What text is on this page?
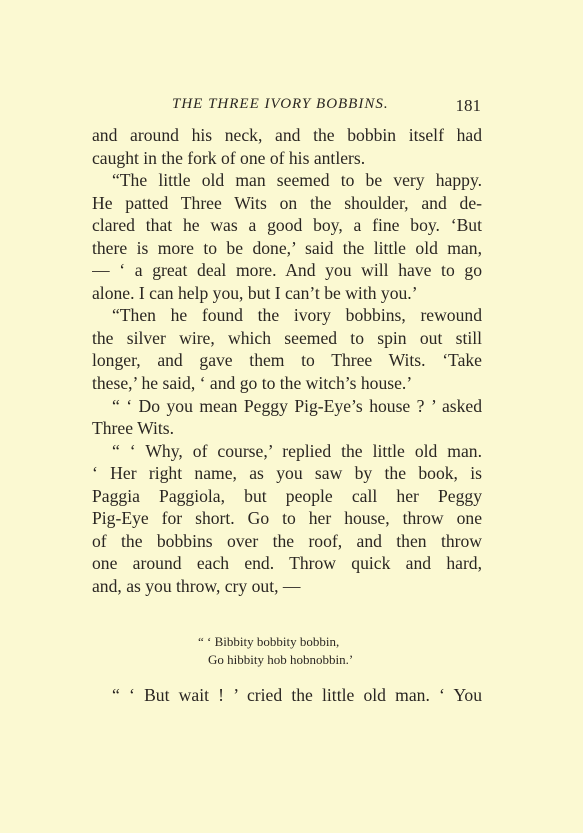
THE THREE IVORY BOBBINS.	181
and around his neck, and the bobbin itself had
caught in the fork of one of his antlers.
“The little old man seemed to be very happy.
He patted Three Wits on the shoulder, and de-
clared that he was a good boy, a fine boy. ‘But
there is more to be done,’ said the little old man,
— ‘ a great deal more. And you will have to go
alone. I can help you, but I can’t be with you.’
“Then he found the ivory bobbins, rewound
the silver wire, which seemed to spin out still
longer, and gave them to Three Wits. ‘Take
these,’ he said, ‘ and go to the witch’s house.’
“ ‘ Do you mean Peggy Pig-Eye’s house ? ’ asked
Three Wits.
“ ‘ Why, of course,’ replied the little old man.
‘ Her right name, as you saw by the book, is
Paggia Paggiola, but people call her Peggy
Pig-Eye for short. Go to her house, throw one
of the bobbins over the roof, and then throw
one around each end. Throw quick and hard,
and, as you throw, cry out, —
“ ‘ Bibbity bobbity bobbin,
Go hibbity hob hobnobbin.’
“ ‘ But wait ! ’ cried the little old man. ‘ You
